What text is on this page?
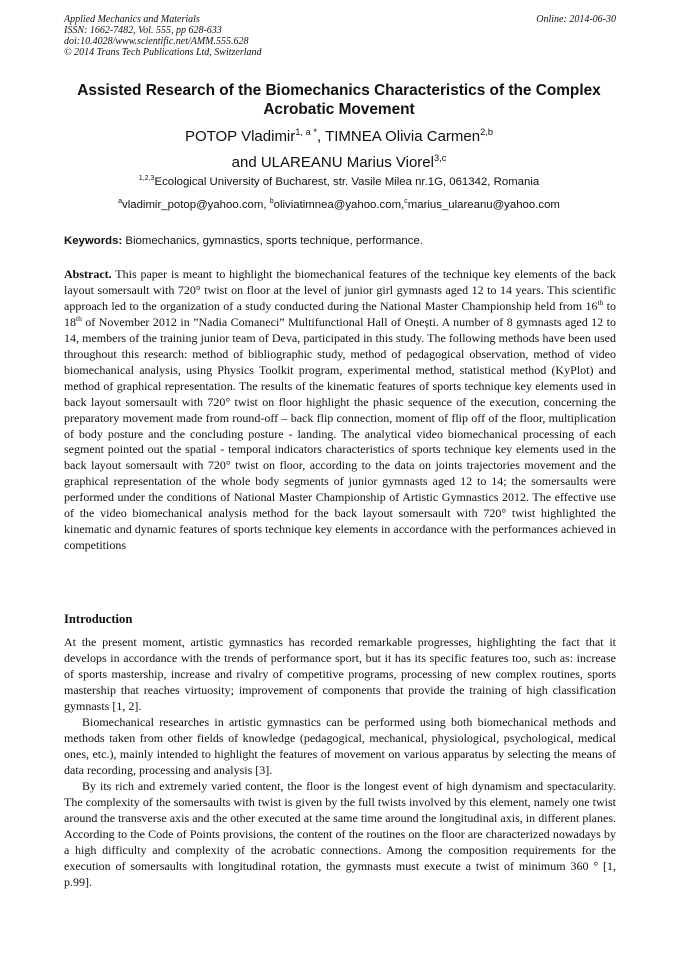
Applied Mechanics and Materials
ISSN: 1662-7482, Vol. 555, pp 628-633
doi:10.4028/www.scientific.net/AMM.555.628
© 2014 Trans Tech Publications Ltd, Switzerland
Online: 2014-06-30
Assisted Research of the Biomechanics Characteristics of the Complex Acrobatic Movement
POTOP Vladimir$^{1, a *}$, TIMNEA Olivia Carmen$^{2,b}$
and ULAREANU Marius Viorel$^{3,c}$
$^{1,2,3}$Ecological University of Bucharest, str. Vasile Milea nr.1G, 061342, Romania
$^a$vladimir_potop@yahoo.com, $^b$oliviatimnea@yahoo.com,$^c$marius_ulareanu@yahoo.com
Keywords: Biomechanics, gymnastics, sports technique, performance.
Abstract. This paper is meant to highlight the biomechanical features of the technique key elements of the back layout somersault with 720° twist on floor at the level of junior girl gymnasts aged 12 to 14 years. This scientific approach led to the organization of a study conducted during the National Master Championship held from 16th to 18th of November 2012 in ”Nadia Comaneci” Multifunctional Hall of Onești. A number of 8 gymnasts aged 12 to 14, members of the training junior team of Deva, participated in this study. The following methods have been used throughout this research: method of bibliographic study, method of pedagogical observation, method of video biomechanical analysis, using Physics Toolkit program, experimental method, statistical method (KyPlot) and method of graphical representation. The results of the kinematic features of sports technique key elements used in back layout somersault with 720° twist on floor highlight the phasic sequence of the execution, concerning the preparatory movement made from round-off – back flip connection, moment of flip off of the floor, multiplication of body posture and the concluding posture - landing. The analytical video biomechanical processing of each segment pointed out the spatial - temporal indicators characteristics of sports technique key elements used in the back layout somersault with 720° twist on floor, according to the data on joints trajectories movement and the graphical representation of the whole body segments of junior gymnasts aged 12 to 14; the somersaults were performed under the conditions of National Master Championship of Artistic Gymnastics 2012. The effective use of the video biomechanical analysis method for the back layout somersault with 720° twist highlighted the kinematic and dynamic features of sports technique key elements in accordance with the performances achieved in competitions
Introduction

At the present moment, artistic gymnastics has recorded remarkable progresses, highlighting the fact that it develops in accordance with the trends of performance sport, but it has its specific features too, such as: increase of sports mastership, increase and rivalry of competitive programs, processing of new complex routines, sports mastership that reaches virtuosity; improvement of components that provide the training of high classification gymnasts [1, 2].

Biomechanical researches in artistic gymnastics can be performed using both biomechanical methods and methods taken from other fields of knowledge (pedagogical, mechanical, physiological, psychological, medical ones, etc.), mainly intended to highlight the features of movement on various apparatus by selecting the means of data recording, processing and analysis [3].

By its rich and extremely varied content, the floor is the longest event of high dynamism and spectacularity. The complexity of the somersaults with twist is given by the full twists involved by this element, namely one twist around the transverse axis and the other executed at the same time around the longitudinal axis, in different planes. According to the Code of Points provisions, the content of the routines on the floor are characterized nowadays by a high difficulty and complexity of the acrobatic connections. Among the composition requirements for the execution of somersaults with longitudinal rotation, the gymnasts must execute a twist of minimum 360 ° [1, p.99].
